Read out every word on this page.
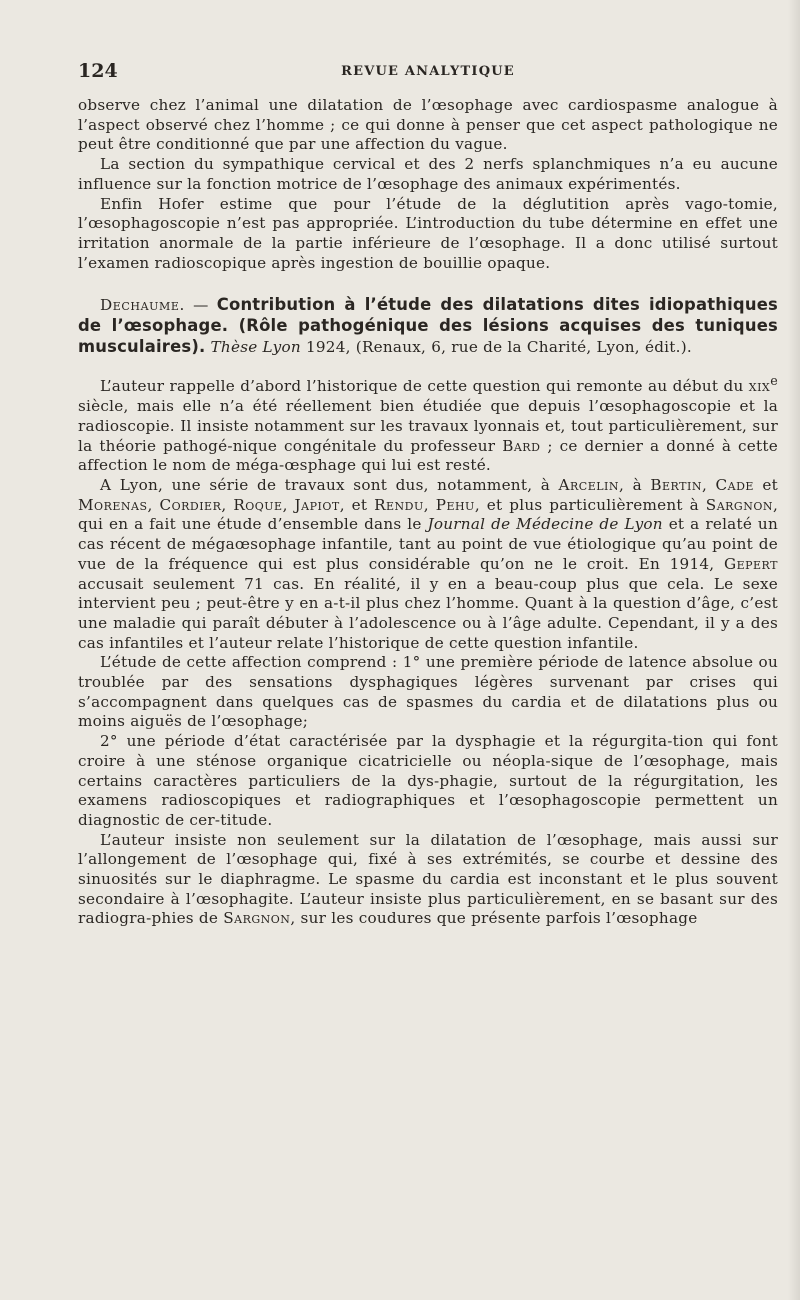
124	REVUE ANALYTIQUE

observe chez l’animal une dilatation de l’œsophage avec cardiospasme analogue à l’aspect observé chez l’homme ; ce qui donne à penser que cet aspect pathologique ne peut être conditionné que par une affection du vague.

La section du sympathique cervical et des 2 nerfs splanchmiques n’a eu aucune influence sur la fonction motrice de l’œsophage des animaux expérimentés.

Enfin Hofer estime que pour l’étude de la déglutition après vago-tomie, l’œsophagoscopie n’est pas appropriée. L’introduction du tube détermine en effet une irritation anormale de la partie inférieure de l’œsophage. Il a donc utilisé surtout l’examen radioscopique après ingestion de bouillie opaque.

Dechaume. — Contribution à l’étude des dilatations dites idiopathiques de l’œsophage. (Rôle pathogénique des lésions acquises des tuniques musculaires). Thèse Lyon 1924, (Renaux, 6, rue de la Charité, Lyon, édit.).

L’auteur rappelle d’abord l’historique de cette question qui remonte au début du xix$^e$ siècle, mais elle n’a été réellement bien étudiée que depuis l’œsophagoscopie et la radioscopie. Il insiste notamment sur les travaux lyonnais et, tout particulièrement, sur la théorie pathogé-nique congénitale du professeur Bard ; ce dernier a donné à cette affection le nom de méga-œsphage qui lui est resté.

A Lyon, une série de travaux sont dus, notamment, à Arcelin, à Bertin, Cade et Morenas, Cordier, Roque, Japiot, et Rendu, Pehu, et plus particulièrement à Sargnon, qui en a fait une étude d’ensemble dans le Journal de Médecine de Lyon et a relaté un cas récent de mégaœsophage infantile, tant au point de vue étiologique qu’au point de vue de la fréquence qui est plus considérable qu’on ne le croit. En 1914, Gepert accusait seulement 71 cas. En réalité, il y en a beau-coup plus que cela. Le sexe intervient peu ; peut-être y en a-t-il plus chez l’homme. Quant à la question d’âge, c’est une maladie qui paraît débuter à l’adolescence ou à l’âge adulte. Cependant, il y a des cas infantiles et l’auteur relate l’historique de cette question infantile.

L’étude de cette affection comprend : 1° une première période de latence absolue ou troublée par des sensations dysphagiques légères survenant par crises qui s’accompagnent dans quelques cas de spasmes du cardia et de dilatations plus ou moins aiguës de l’œsophage;

2° une période d’état caractérisée par la dysphagie et la régurgita-tion qui font croire à une sténose organique cicatricielle ou néopla-sique de l’œsophage, mais certains caractères particuliers de la dys-phagie, surtout de la régurgitation, les examens radioscopiques et radiographiques et l’œsophagoscopie permettent un diagnostic de cer-titude.

L’auteur insiste non seulement sur la dilatation de l’œsophage, mais aussi sur l’allongement de l’œsophage qui, fixé à ses extrémités, se courbe et dessine des sinuosités sur le diaphragme. Le spasme du cardia est inconstant et le plus souvent secondaire à l’œsophagite. L’auteur insiste plus particulièrement, en se basant sur des radiogra-phies de Sargnon, sur les coudures que présente parfois l’œsophage
